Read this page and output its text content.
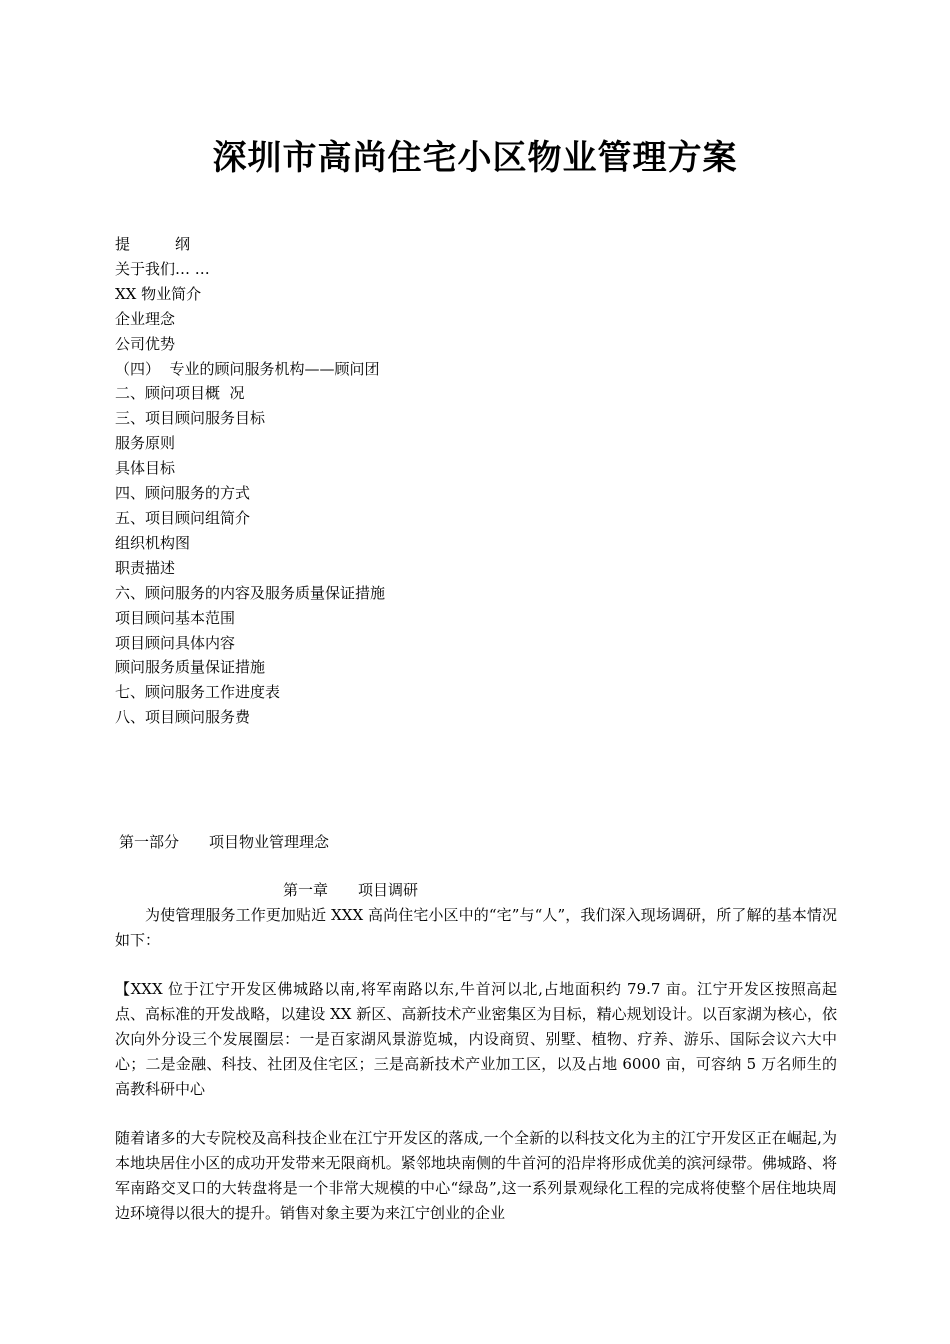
深圳市高尚住宅小区物业管理方案
提　　　纲
关于我们… …
XX 物业简介
企业理念
公司优势
（四）  专业的顾问服务机构——顾问团
二、顾问项目概  况
三、项目顾问服务目标
服务原则
具体目标
四、顾问服务的方式
五、项目顾问组简介
组织机构图
职责描述
六、顾问服务的内容及服务质量保证措施
项目顾问基本范围
项目顾问具体内容
顾问服务质量保证措施
七、顾问服务工作进度表
八、项目顾问服务费

第一部分　　项目物业管理理念

第一章　　项目调研

为使管理服务工作更加贴近 XXX 高尚住宅小区中的“宅”与“人”，我们深入现场调研，所了解的基本情况如下：

【XXX 位于江宁开发区佛城路以南,将军南路以东,牛首河以北,占地面积约 79.7 亩。江宁开发区按照高起点、高标准的开发战略，以建设 XX 新区、高新技术产业密集区为目标，精心规划设计。以百家湖为核心，依次向外分设三个发展圈层：一是百家湖风景游览城，内设商贸、别墅、植物、疗养、游乐、国际会议六大中心；二是金融、科技、社团及住宅区；三是高新技术产业加工区，以及占地 6000 亩，可容纳 5 万名师生的高教科研中心

随着诸多的大专院校及高科技企业在江宁开发区的落成,一个全新的以科技文化为主的江宁开发区正在崛起,为本地块居住小区的成功开发带来无限商机。紧邻地块南侧的牛首河的沿岸将形成优美的滨河绿带。佛城路、将军南路交叉口的大转盘将是一个非常大规模的中心“绿岛”,这一系列景观绿化工程的完成将使整个居住地块周边环境得以很大的提升。销售对象主要为来江宁创业的企业
